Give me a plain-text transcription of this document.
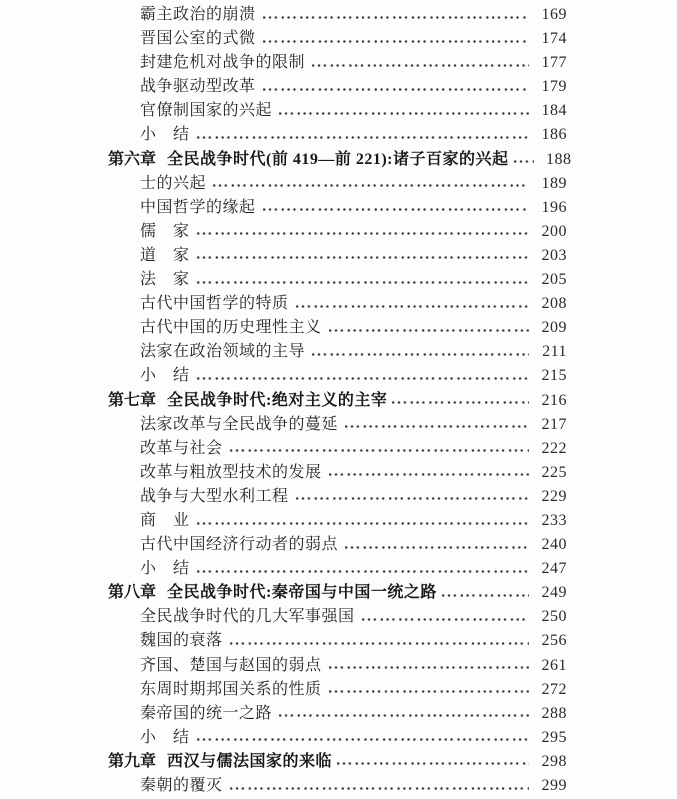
霸主政治的崩溃	169
晋国公室的式微	174
封建危机对战争的限制	177
战争驱动型改革	179
官僚制国家的兴起	184
小　结	186
第六章 全民战争时代(前 419—前 221):诸子百家的兴起 188
士的兴起	189
中国哲学的缘起	196
儒　家	200
道　家	203
法　家	205
古代中国哲学的特质	208
古代中国的历史理性主义	209
法家在政治领域的主导	211
小　结	215
第七章 全民战争时代:绝对主义的主宰	216
法家改革与全民战争的蔓延	217
改革与社会	222
改革与粗放型技术的发展	225
战争与大型水利工程	229
商　业	233
古代中国经济行动者的弱点	240
小　结	247
第八章 全民战争时代:秦帝国与中国一统之路	249
全民战争时代的几大军事强国	250
魏国的衰落	256
齐国、楚国与赵国的弱点	261
东周时期邦国关系的性质	272
秦帝国的统一之路	288
小　结	295
第九章 西汉与儒法国家的来临	298
秦朝的覆灭	299
